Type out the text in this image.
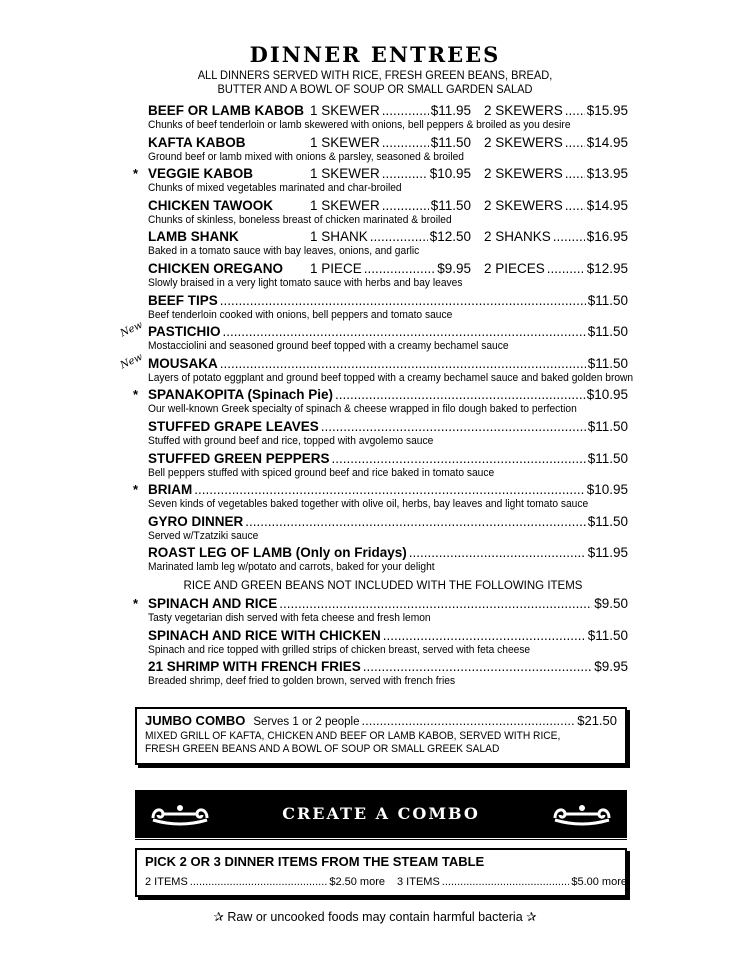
DINNER ENTREES
ALL DINNERS SERVED WITH RICE, FRESH GREEN BEANS, BREAD,
BUTTER AND A BOWL OF SOUP OR SMALL GARDEN SALAD
BEEF OR LAMB KABOB 1 SKEWER .....	$11.95 2 SKEWERS ..... $15.95
Chunks of beef tenderloin or lamb skewered with onions, bell peppers & broiled as you desire
KAFTA KABOB	1 SKEWER .....	$11.50 2 SKEWERS ..... $14.95
Ground beef or lamb mixed with onions & parsley, seasoned & broiled
* VEGGIE KABOB	1 SKEWER .....	$10.95 2 SKEWERS ..... $13.95
Chunks of mixed vegetables marinated and char-broiled
CHICKEN TAWOOK	1 SKEWER .....	$11.50 2 SKEWERS ..... $14.95
Chunks of skinless, boneless breast of chicken marinated & broiled
LAMB SHANK	1 SHANK .....	$12.50 2 SHANKS .....	$16.95
Baked in a tomato sauce with bay leaves, onions, and garlic
CHICKEN OREGANO	1 PIECE .....	$9.95 2 PIECES .....	$12.95
Slowly braised in a very light tomato sauce with herbs and bay leaves
BEEF TIPS .....	$11.50
Beef tenderloin cooked with onions, bell peppers and tomato sauce
New PASTICHIO .....	$11.50
Mostacciolini and seasoned ground beef topped with a creamy bechamel sauce
New MOUSAKA .....	$11.50
Layers of potato eggplant and ground beef topped with a creamy bechamel sauce and baked golden brown
* SPANAKOPITA (Spinach Pie) .....	$10.95
Our well-known Greek specialty of spinach & cheese wrapped in filo dough baked to perfection
STUFFED GRAPE LEAVES .....	$11.50
Stuffed with ground beef and rice, topped with avgolemo sauce
STUFFED GREEN PEPPERS .....	$11.50
Bell peppers stuffed with spiced ground beef and rice baked in tomato sauce
* BRIAM .....	$10.95
Seven kinds of vegetables baked together with olive oil, herbs, bay leaves and light tomato sauce
GYRO DINNER .....	$11.50
Served w/Tzatziki sauce
ROAST LEG OF LAMB (Only on Fridays) .....	$11.95
Marinated lamb leg w/potato and carrots, baked for your delight
RICE AND GREEN BEANS NOT INCLUDED WITH THE FOLLOWING ITEMS
* SPINACH AND RICE .....	$9.50
Tasty vegetarian dish served with feta cheese and fresh lemon
SPINACH AND RICE WITH CHICKEN .....	$11.50
Spinach and rice topped with grilled strips of chicken breast, served with feta cheese
21 SHRIMP WITH FRENCH FRIES .....	$9.95
Breaded shrimp, deef fried to golden brown, served with french fries
JUMBO COMBO Serves 1 or 2 people .....	$21.50
MIXED GRILL OF KAFTA, CHICKEN AND BEEF OR LAMB KABOB, SERVED WITH RICE,
FRESH GREEN BEANS AND A BOWL OF SOUP OR SMALL GREEK SALAD
CREATE A COMBO
PICK 2 OR 3 DINNER ITEMS FROM THE STEAM TABLE
2 ITEMS .....	$2.50 more 3 ITEMS .....	$5.00 more
✰ Raw or uncooked foods may contain harmful bacteria ✰
